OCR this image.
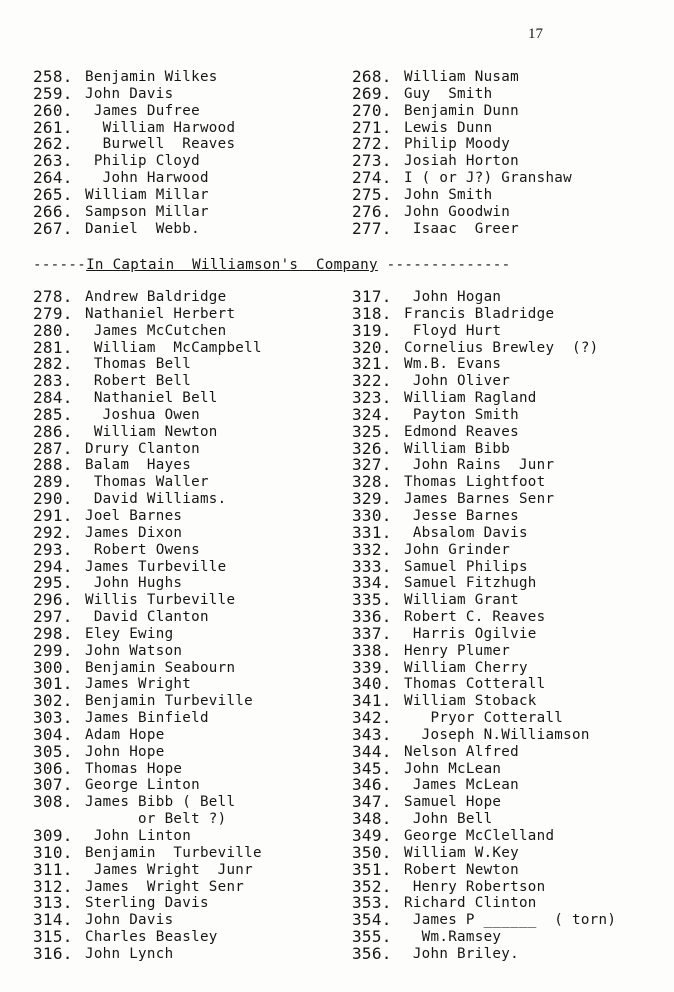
17
258. Benjamin Wilkes
259. John Davis
260. James Dufree
261. William Harwood
262. Burwell  Reaves
263. Philip Cloyd
264. John Harwood
265. William Millar
266. Sampson Millar
267. Daniel  Webb.
268. William Nusam
269. Guy  Smith
270. Benjamin Dunn
271. Lewis Dunn
272. Philip Moody
273. Josiah Horton
274. I ( or J?) Granshaw
275. John Smith
276. John Goodwin
277. Isaac  Greer
------In Captain  Williamson's  Company --------------
278. Andrew Baldridge
279. Nathaniel Herbert
280. James McCutchen
281. William  McCampbell
282. Thomas Bell
283. Robert Bell
284. Nathaniel Bell
285. Joshua Owen
286. William Newton
287. Drury Clanton
288. Balam  Hayes
289. Thomas Waller
290. David Williams.
291. Joel Barnes
292. James Dixon
293. Robert Owens
294. James Turbeville
295. John Hughs
296. Willis Turbeville
297. David Clanton
298. Eley Ewing
299. John Watson
300. Benjamin Seabourn
301. James Wright
302. Benjamin Turbeville
303. James Binfield
304. Adam Hope
305. John Hope
306. Thomas Hope
307. George Linton
308. James Bibb ( Bell
or Belt ?)
309. John Linton
310. Benjamin  Turbeville
311. James Wright  Junr
312. James  Wright Senr
313. Sterling Davis
314. John Davis
315. Charles Beasley
316. John Lynch
317. John Hogan
318. Francis Bladridge
319. Floyd Hurt
320. Cornelius Brewley  (?)
321. Wm.B. Evans
322. John Oliver
323. William Ragland
324. Payton Smith
325. Edmond Reaves
326. William Bibb
327. John Rains  Junr
328. Thomas Lightfoot
329. James Barnes Senr
330. Jesse Barnes
331. Absalom Davis
332. John Grinder
333. Samuel Philips
334. Samuel Fitzhugh
335. William Grant
336. Robert C. Reaves
337. Harris Ogilvie
338. Henry Plumer
339. William Cherry
340. Thomas Cotterall
341. William Stoback
342. Pryor Cotterall
343. Joseph N.Williamson
344. Nelson Alfred
345. John McLean
346. James McLean
347. Samuel Hope
348. John Bell
349. George McClelland
350. William W.Key
351. Robert Newton
352. Henry Robertson
353. Richard Clinton
354. James P ______  ( torn)
355. Wm.Ramsey
356. John Briley.
